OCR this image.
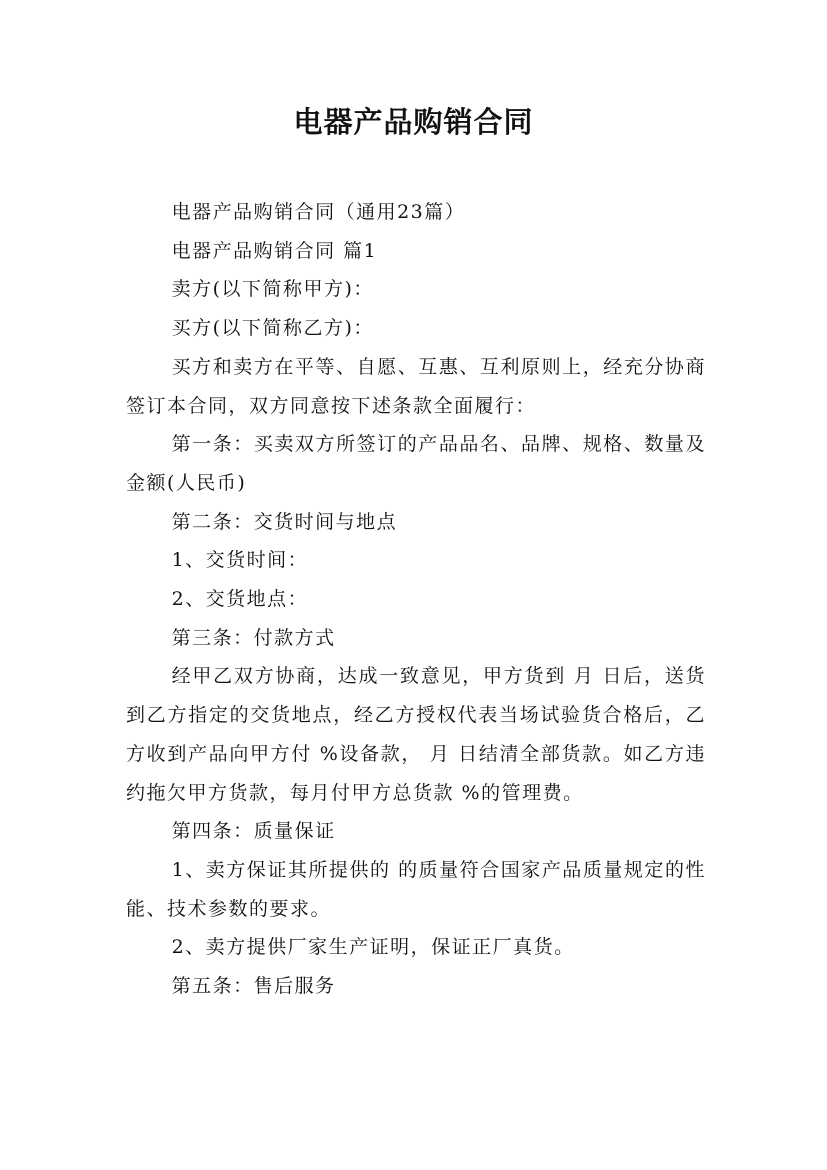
电器产品购销合同

电器产品购销合同（通用23篇）

电器产品购销合同 篇1

卖方(以下简称甲方)：

买方(以下简称乙方)：

买方和卖方在平等、自愿、互惠、互利原则上，经充分协商签订本合同，双方同意按下述条款全面履行：

第一条：买卖双方所签订的产品品名、品牌、规格、数量及金额(人民币)

第二条：交货时间与地点

1、交货时间：

2、交货地点：

第三条：付款方式

经甲乙双方协商，达成一致意见，甲方货到 月 日后，送货到乙方指定的交货地点，经乙方授权代表当场试验货合格后，乙方收到产品向甲方付 %设备款， 月 日结清全部货款。如乙方违约拖欠甲方货款，每月付甲方总货款 %的管理费。

第四条：质量保证

1、卖方保证其所提供的 的质量符合国家产品质量规定的性能、技术参数的要求。

2、卖方提供厂家生产证明，保证正厂真货。

第五条：售后服务
